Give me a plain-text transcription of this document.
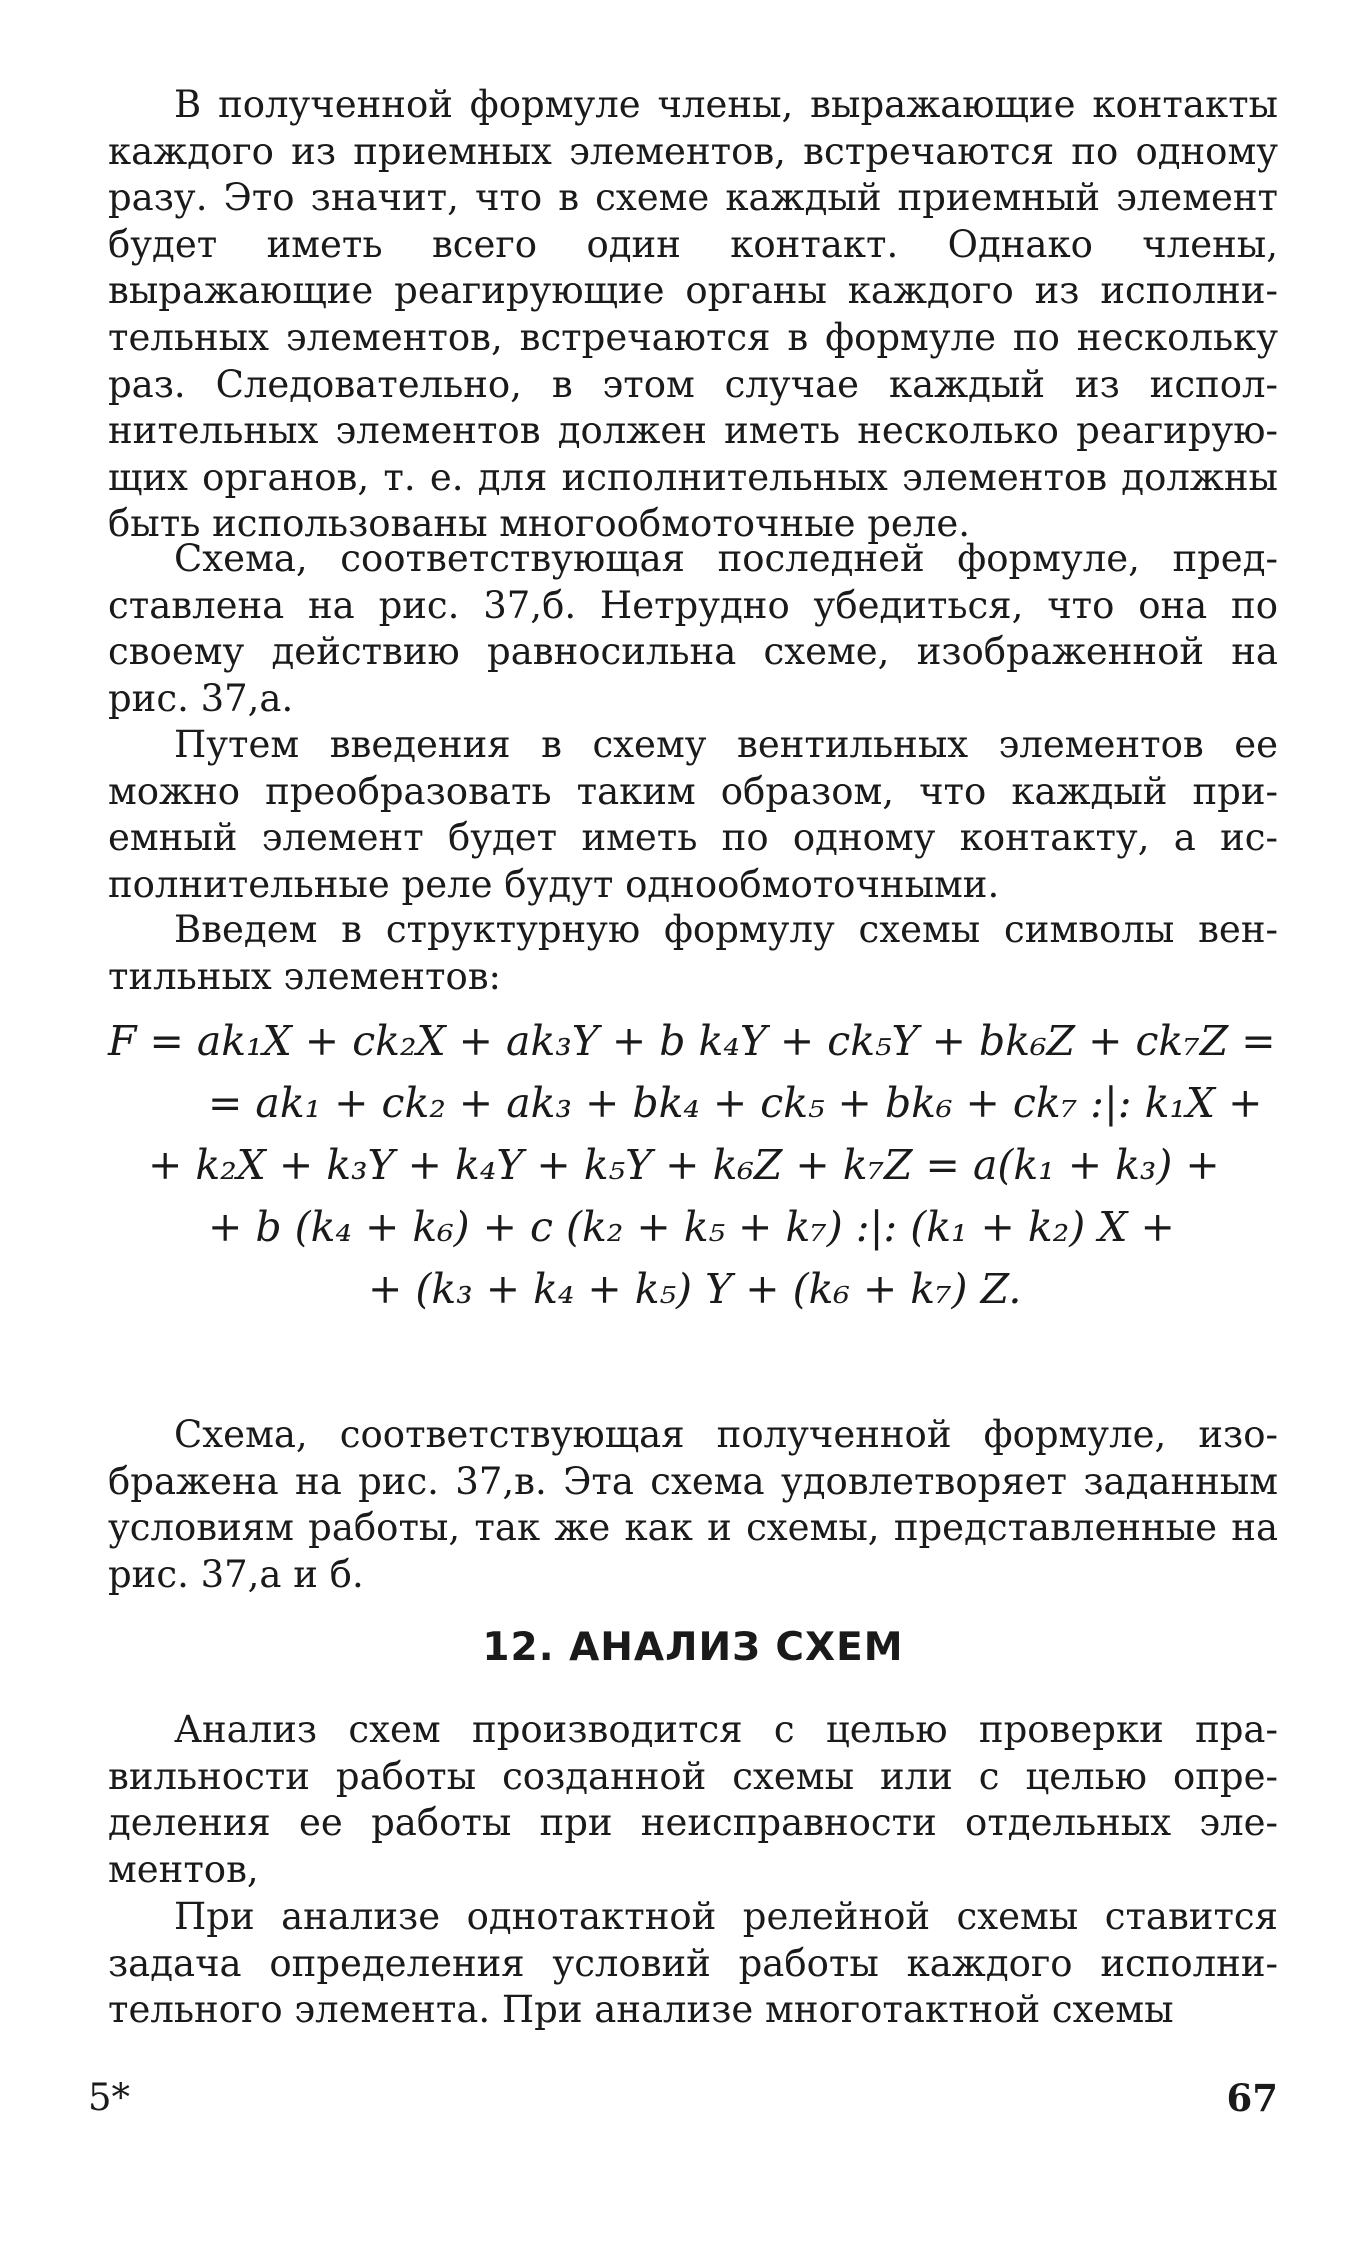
В полученной формуле члены, выражающие контакты каждого из приемных элементов, встречаются по одному разу. Это значит, что в схеме каждый приемный элемент будет иметь всего один контакт. Однако члены, выражающие реагирующие органы каждого из исполнительных элементов, встречаются в формуле по нескольку раз. Следовательно, в этом случае каждый из исполнительных элементов должен иметь несколько реагирующих органов, т. е. для исполнительных элементов должны быть использованы многообмоточные реле.

Схема, соответствующая последней формуле, представлена на рис. 37,б. Нетрудно убедиться, что она по своему действию равносильна схеме, изображенной на рис. 37,а.

Путем введения в схему вентильных элементов ее можно преобразовать таким образом, что каждый приемный элемент будет иметь по одному контакту, а исполнительные реле будут однообмоточными.

Введем в структурную формулу схемы символы вентильных элементов:

F = ak₁X + ck₂X + ak₃Y + b k₄Y + ck₅Y + bk₆Z + ck₇Z =
= ak₁ + ck₂ + ak₃ + bk₄ + ck₅ + bk₆ + ck₇ :|: k₁X +
+ k₂X + k₃Y + k₄Y + k₅Y + k₆Z + k₇Z = a(k₁ + k₃) +
+ b (k₄ + k₆) + c (k₂ + k₅ + k₇) :|: (k₁ + k₂) X +
+ (k₃ + k₄ + k₅) Y + (k₆ + k₇) Z.

Схема, соответствующая полученной формуле, изображена на рис. 37,в. Эта схема удовлетворяет заданным условиям работы, так же как и схемы, представленные на рис. 37,а и б.

12. АНАЛИЗ СХЕМ

Анализ схем производится с целью проверки правильности работы созданной схемы или с целью определения ее работы при неисправности отдельных элементов,

При анализе однотактной релейной схемы ставится задача определения условий работы каждого исполнительного элемента. При анализе многотактной схемы

5*	67
